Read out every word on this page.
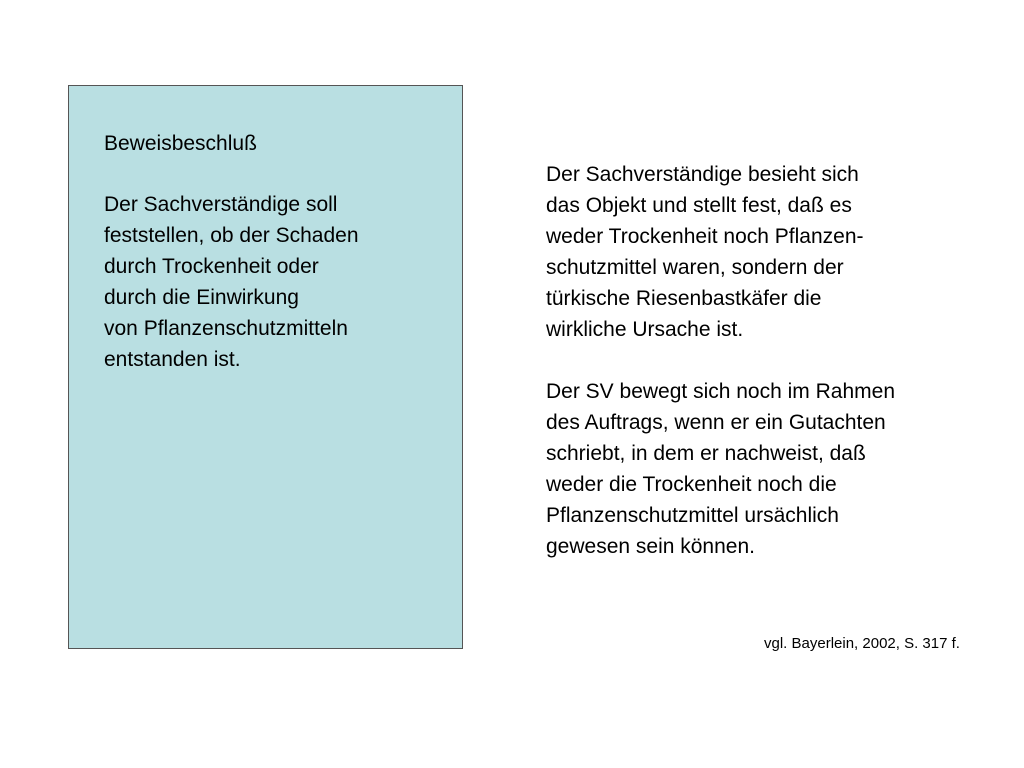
Beweisbeschluß
Der Sachverständige soll
feststellen, ob der Schaden
durch Trockenheit oder
durch die Einwirkung
von Pflanzenschutzmitteln
entstanden ist.
Der Sachverständige besieht sich
das Objekt und stellt fest, daß es
weder Trockenheit noch Pflanzen-
schutzmittel waren, sondern der
türkische Riesenbastkäfer die
wirkliche Ursache ist.
Der SV bewegt sich noch im Rahmen
des Auftrags, wenn er ein Gutachten
schriebt, in dem er nachweist, daß
weder die Trockenheit noch die
Pflanzenschutzmittel ursächlich
gewesen sein können.
vgl. Bayerlein, 2002, S. 317 f.
